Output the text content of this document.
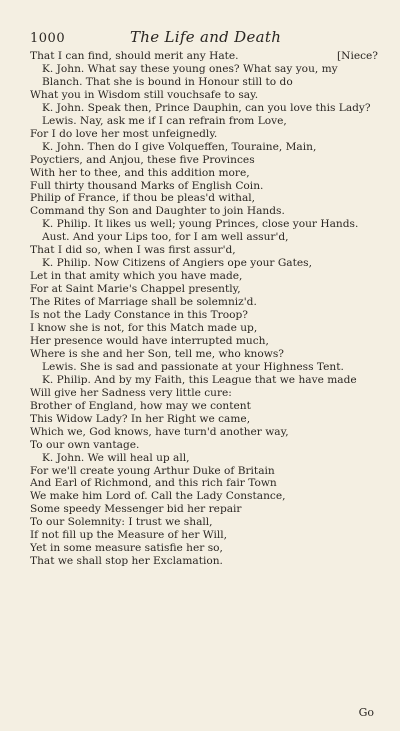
1000	The Life and Death
That I can find, should merit any Hate.	[Niece?
K. John. What say these young ones? What say you, my
Blanch. That she is bound in Honour still to do
What you in Wisdom still vouchsafe to say.
K. John. Speak then, Prince Dauphin, can you love this Lady?
Lewis. Nay, ask me if I can refrain from Love,
For I do love her most unfeignedly.
K. John. Then do I give Volqueffen, Touraine, Main,
Poyctiers, and Anjou, these five Provinces
With her to thee, and this addition more,
Full thirty thousand Marks of English Coin.
Philip of France, if thou be pleas'd withal,
Command thy Son and Daughter to join Hands.
K. Philip. It likes us well; young Princes, close your Hands.
Aust. And your Lips too, for I am well assur'd,
That I did so, when I was first assur'd,
K. Philip. Now Citizens of Angiers ope your Gates,
Let in that amity which you have made,
For at Saint Marie's Chappel presently,
The Rites of Marriage shall be solemniz'd.
Is not the Lady Constance in this Troop?
I know she is not, for this Match made up,
Her presence would have interrupted much,
Where is she and her Son, tell me, who knows?
Lewis. She is sad and passionate at your Highness Tent.
K. Philip. And by my Faith, this League that we have made
Will give her Sadness very little cure:
Brother of England, how may we content
This Widow Lady? In her Right we came,
Which we, God knows, have turn'd another way,
To our own vantage.
K. John. We will heal up all,
For we'll create young Arthur Duke of Britain
And Earl of Richmond, and this rich fair Town
We make him Lord of. Call the Lady Constance,
Some speedy Messenger bid her repair
To our Solemnity: I trust we shall,
If not fill up the Measure of her Will,
Yet in some measure satisfie her so,
That we shall stop her Exclamation.
Go
